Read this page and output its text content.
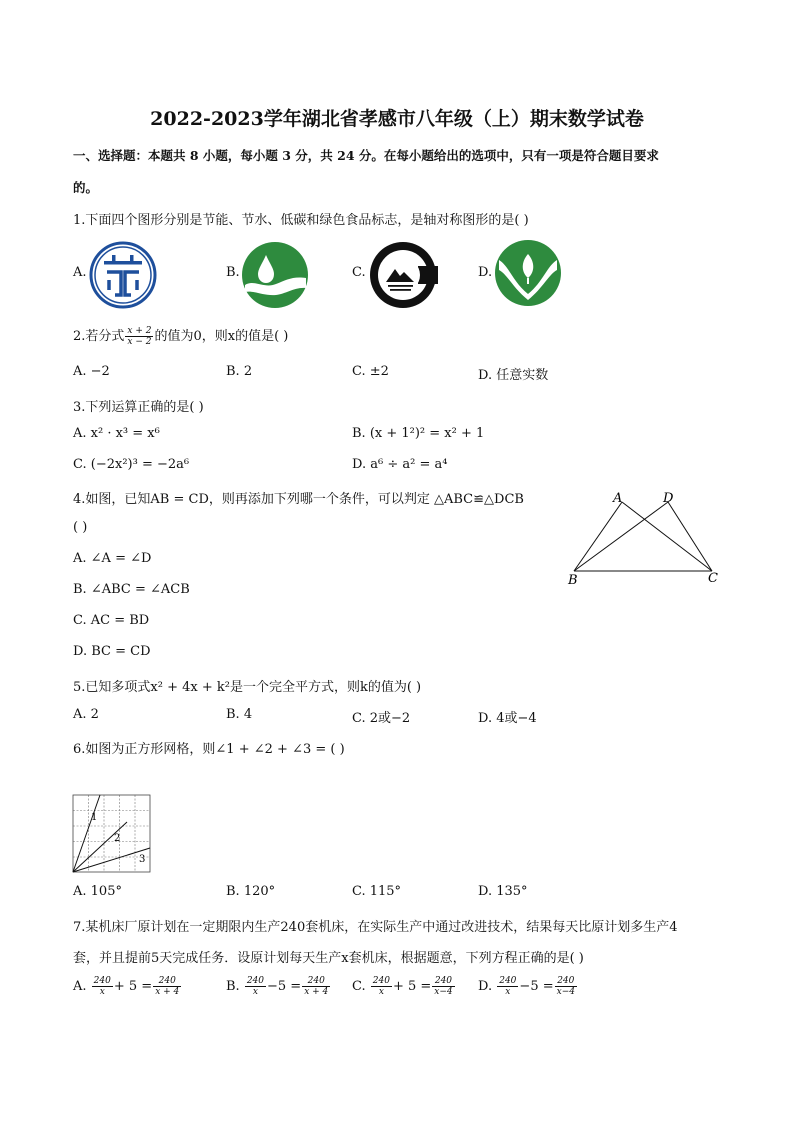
2022-2023学年湖北省孝感市八年级（上）期末数学试卷
一、选择题：本题共 8 小题，每小题 3 分，共 24 分。在每小题给出的选项中，只有一项是符合题目要求
的。
1.下面四个图形分别是节能、节水、低碳和绿色食品标志，是轴对称图形的是( )
A.	B.	C.	D.
2.若分式 $\frac{x + 2}{x - 2}$ 的值为0，则x的值是( )
A. −2	B. 2	C. ±2	D. 任意实数
3.下列运算正确的是( )
A. x² · x³ = x⁶	B. (x + 1²)² = x² + 1
C. (−2x²)³ = −2a⁶	D. a⁶ ÷ a² = a⁴
4.如图，已知AB = CD，则再添加下列哪一个条件，可以判定 △ABC≌△DCB
( )
A. ∠A = ∠D
B. ∠ABC = ∠ACB
C. AC = BD
D. BC = CD
A	D
B	C
5.已知多项式x² + 4x + k²是一个完全平方式，则k的值为( )
A. 2	B. 4	C. 2或−2	D. 4或−4
6.如图为正方形网格，则∠1 + ∠2 + ∠3 = ( )
1
2
3
A. 105°	B. 120°	C. 115°	D. 135°
7.某机床厂原计划在一定期限内生产240套机床，在实际生产中通过改进技术，结果每天比原计划多生产4
套，并且提前5天完成任务．设原计划每天生产x套机床，根据题意，下列方程正确的是( )
A. $\frac{240}{x} + 5 = \frac{240}{x + 4}$	B. $\frac{240}{x} -5 = \frac{240}{x + 4} C$. $\frac{240}{x} + 5 = \frac{240}{x-4} D$. $\frac{240}{x} -5 = \frac{240}{x-4}$
